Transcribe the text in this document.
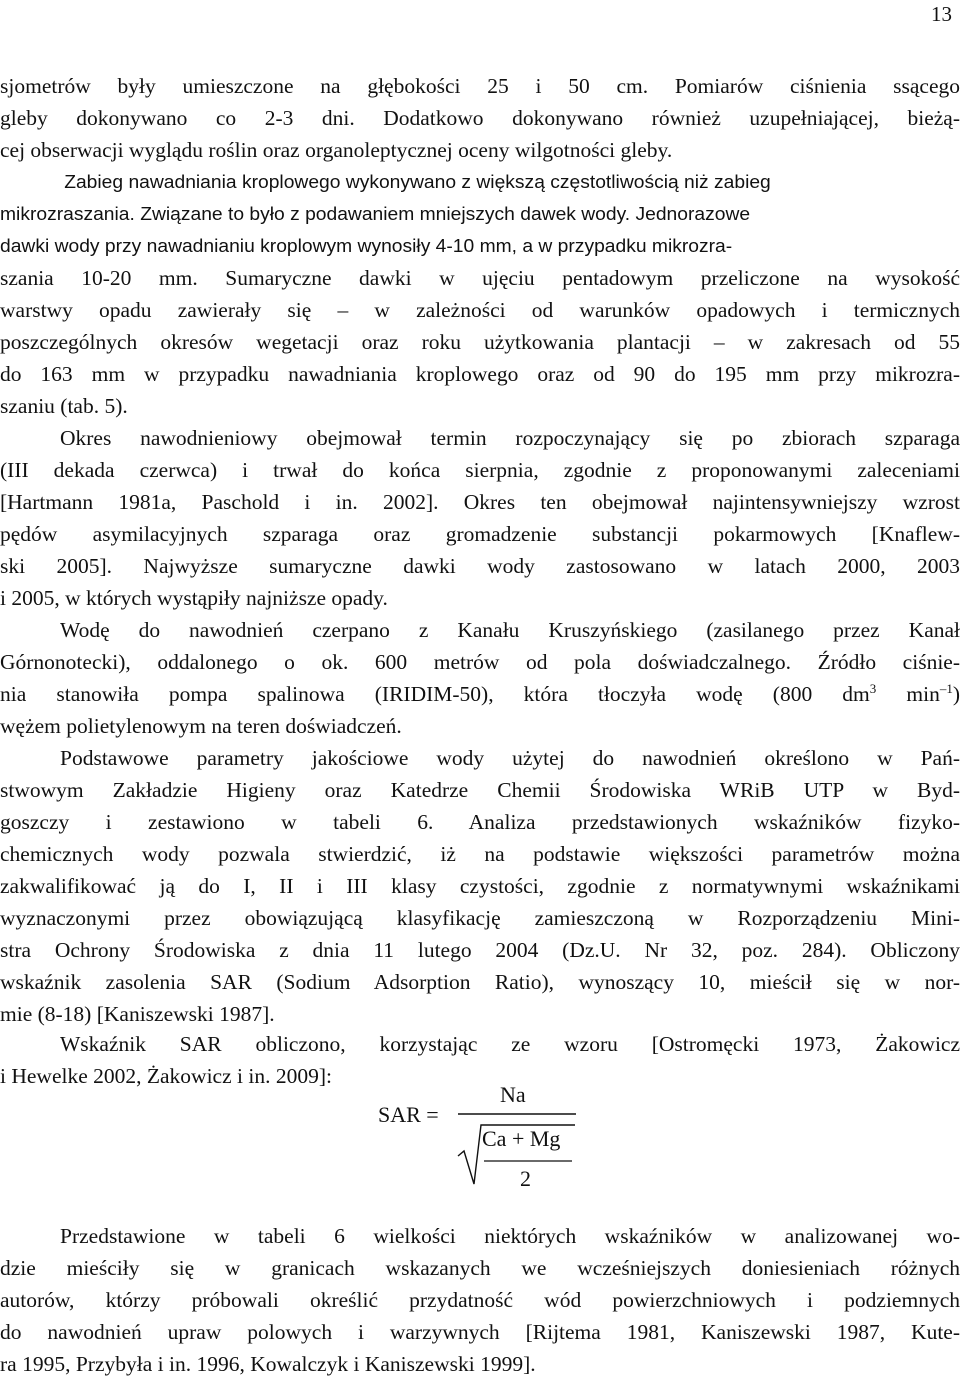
13

sjometrów były umieszczone na głębokości 25 i 50 cm. Pomiarów ciśnienia ssącego

gleby dokonywano co 2-3 dni. Dodatkowo dokonywano również uzupełniającej, bieżą-

cej obserwacji wyglądu roślin oraz organoleptycznej oceny wilgotności gleby.

Zabieg nawadniania kroplowego wykonywano z większą częstotliwością niż zabieg

mikrozraszania. Związane to było z podawaniem mniejszych dawek wody. Jednorazowe

dawki wody przy nawadnianiu kroplowym wynosiły 4-10 mm, a w przypadku mikrozra-

szania 10-20 mm. Sumaryczne dawki w ujęciu pentadowym przeliczone na wysokość

warstwy opadu zawierały się – w zależności od warunków opadowych i termicznych

poszczególnych okresów wegetacji oraz roku użytkowania plantacji – w zakresach od 55

do 163 mm w przypadku nawadniania kroplowego oraz od 90 do 195 mm przy mikrozra-

szaniu (tab. 5).

Okres nawodnieniowy obejmował termin rozpoczynający się po zbiorach szparaga

(III dekada czerwca) i trwał do końca sierpnia, zgodnie z proponowanymi zaleceniami

[Hartmann 1981a, Paschold i in. 2002]. Okres ten obejmował najintensywniejszy wzrost

pędów asymilacyjnych szparaga oraz gromadzenie substancji pokarmowych [Knaflew-

ski 2005]. Najwyższe sumaryczne dawki wody zastosowano w latach 2000, 2003

i 2005, w których wystąpiły najniższe opady.

Wodę do nawodnień czerpano z Kanału Kruszyńskiego (zasilanego przez Kanał

Górnonotecki), oddalonego o ok. 600 metrów od pola doświadczalnego. Źródło ciśnie-

nia stanowiła pompa spalinowa (IRIDIM-50), która tłoczyła wodę (800 $dm^3$ $\min^{-1}$)

wężem polietylenowym na teren doświadczeń.

Podstawowe parametry jakościowe wody użytej do nawodnień określono w Pań-

stwowym Zakładzie Higieny oraz Katedrze Chemii Środowiska WRiB UTP w Byd-

goszczy i zestawiono w tabeli 6. Analiza przedstawionych wskaźników fizyko-

chemicznych wody pozwala stwierdzić, iż na podstawie większości parametrów można

zakwalifikować ją do I, II i III klasy czystości, zgodnie z normatywnymi wskaźnikami

wyznaczonymi przez obowiązującą klasyfikację zamieszczoną w Rozporządzeniu Mini-

stra Ochrony Środowiska z dnia 11 lutego 2004 (Dz.U. Nr 32, poz. 284). Obliczony

wskaźnik zasolenia SAR (Sodium Adsorption Ratio), wynoszący 10, mieścił się w nor-

mie (8-18) [Kaniszewski 1987].

Wskaźnik SAR obliczono, korzystając ze wzoru [Ostromęcki 1973, Żakowicz

i Hewelke 2002, Żakowicz i in. 2009]:

SAR =
Na
Ca + Mg
2

Przedstawione w tabeli 6 wielkości niektórych wskaźników w analizowanej wo-

dzie mieściły się w granicach wskazanych we wcześniejszych doniesieniach różnych

autorów, którzy próbowali określić przydatność wód powierzchniowych i podziemnych

do nawodnień upraw polowych i warzywnych [Rijtema 1981, Kaniszewski 1987, Kute-

ra 1995, Przybyła i in. 1996, Kowalczyk i Kaniszewski 1999].
